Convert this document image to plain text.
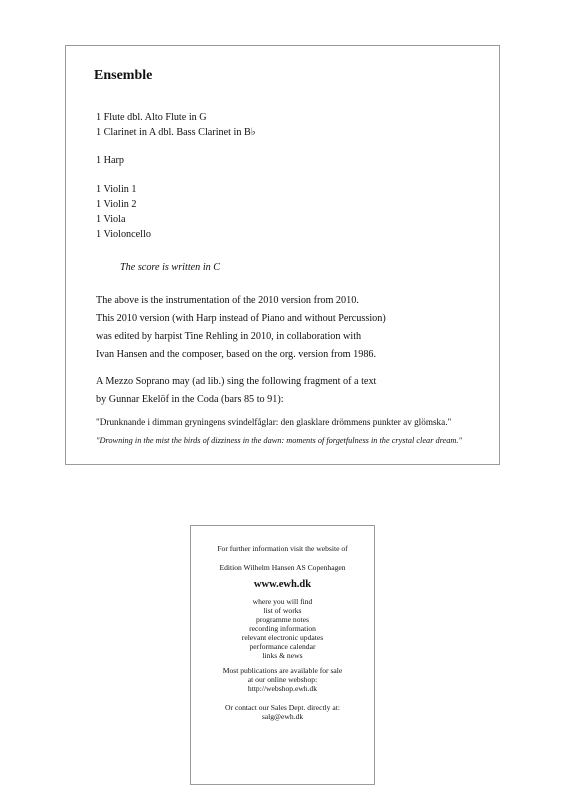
Ensemble
1 Flute dbl. Alto Flute in G
1 Clarinet in A dbl. Bass Clarinet in B♭
1 Harp
1 Violin 1
1 Violin 2
1 Viola
1 Violoncello
The score is written in C
The above is the instrumentation of the 2010 version from 2010.
This 2010 version (with Harp instead of Piano and without Percussion)
was edited by harpist Tine Rehling in 2010, in collaboration with
Ivan Hansen and the composer, based on the org. version from 1986.
A Mezzo Soprano may (ad lib.) sing the following fragment of a text
by Gunnar Ekelöf in the Coda (bars 85 to 91):
"Drunknande i dimman gryningens svindelfåglar: den glasklare drömmens punkter av glömska."
"Drowning in the mist the birds of dizziness in the dawn: moments of forgetfulness in the crystal clear dream."

For further information visit the website of

Edition Wilhelm Hansen AS Copenhagen

www.ewh.dk

where you will find

list of works

programme notes

recording information

relevant electronic updates

performance calendar

links & news

Most publications are available for sale

at our online webshop:

http://webshop.ewh.dk

Or contact our Sales Dept. directly at:

salg@ewh.dk
